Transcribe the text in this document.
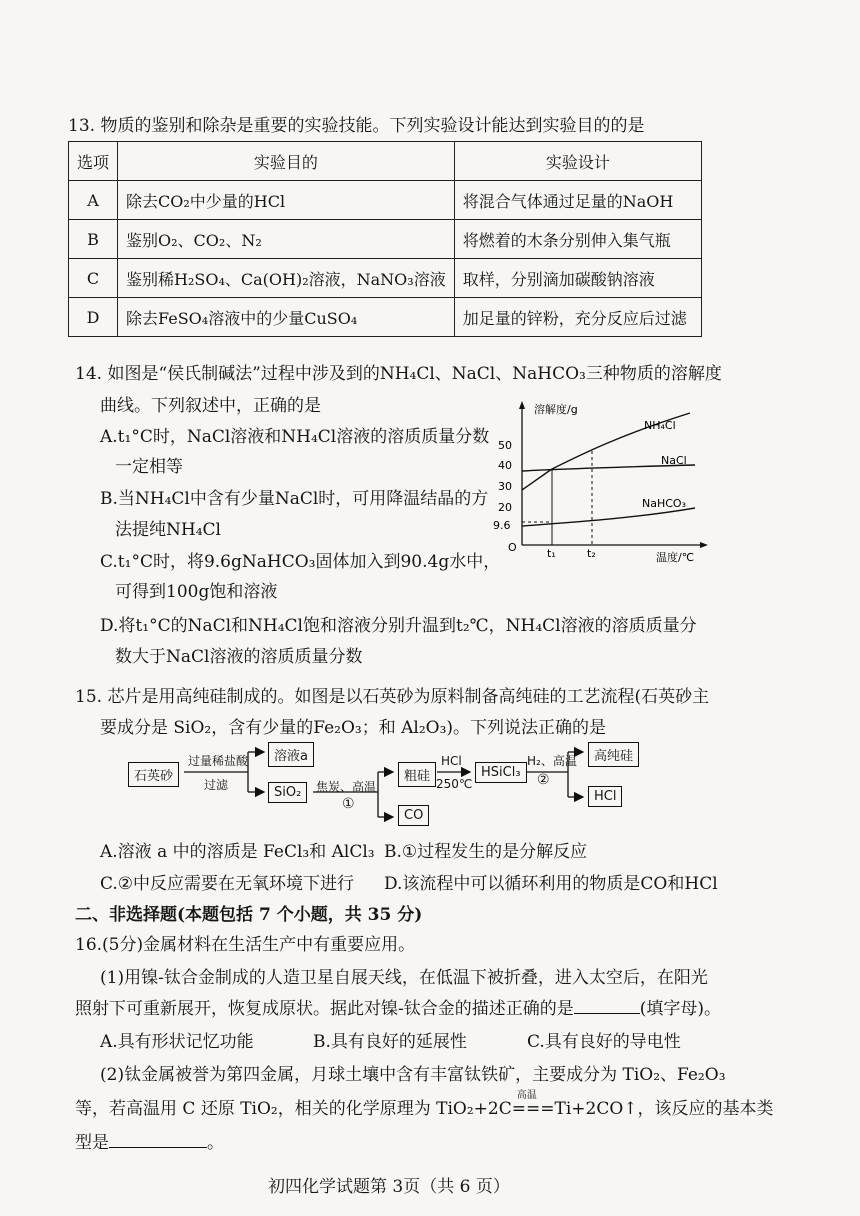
13. 物质的鉴别和除杂是重要的实验技能。下列实验设计能达到实验目的的是
选项	实验目的	实验设计
A	除去CO₂中少量的HCl	将混合气体通过足量的NaOH
B	鉴别O₂、CO₂、N₂	将燃着的木条分别伸入集气瓶
C	鉴别稀H₂SO₄、Ca(OH)₂溶液，NaNO₃溶液	取样，分别滴加碳酸钠溶液
D	除去FeSO₄溶液中的少量CuSO₄	加足量的锌粉，充分反应后过滤
14. 如图是“侯氏制碱法”过程中涉及到的NH₄Cl、NaCl、NaHCO₃三种物质的溶解度
曲线。下列叙述中，正确的是
A.t₁°C时，NaCl溶液和NH₄Cl溶液的溶质质量分数
一定相等
B.当NH₄Cl中含有少量NaCl时，可用降温结晶的方
法提纯NH₄Cl
C.t₁°C时，将9.6gNaHCO₃固体加入到90.4g水中，
可得到100g饱和溶液
D.将t₁°C的NaCl和NH₄Cl饱和溶液分别升温到t₂℃，NH₄Cl溶液的溶质质量分
数大于NaCl溶液的溶质质量分数
溶解度/g
温度/℃
O
50
40
30
20
9.6
t₁	t₂
NH₄Cl
NaCl
NaHCO₃
15. 芯片是用高纯硅制成的。如图是以石英砂为原料制备高纯硅的工艺流程(石英砂主
要成分是 SiO₂，含有少量的Fe₂O₃；和 Al₂O₃)。下列说法正确的是
石英砂
过量稀盐酸
过滤
溶液a
SiO₂	焦炭、高温
①
粗硅
CO
HCl
250℃
HSiCl₃
H₂、高温
②
高纯硅
HCl
A.溶液 a 中的溶质是 FeCl₃和 AlCl₃ B.①过程发生的是分解反应
C.②中反应需要在无氧环境下进行 D.该流程中可以循环利用的物质是CO和HCl
二、非选择题(本题包括 7 个小题，共 35 分)
16.(5分)金属材料在生活生产中有重要应用。
(1)用镍-钛合金制成的人造卫星自展天线，在低温下被折叠，进入太空后，在阳光
照射下可重新展开，恢复成原状。据此对镍-钛合金的描述正确的是	(填字母)。
A.具有形状记忆功能	B.具有良好的延展性	C.具有良好的导电性
(2)钛金属被誉为第四金属，月球土壤中含有丰富钛铁矿，主要成分为 TiO₂、Fe₂O₃
等，若高温用 C 还原 TiO₂，相关的化学原理为 TiO₂+2C
高温
===Ti+2CO↑，该反应的基本类
型是	。
初四化学试题第 3页（共 6 页）
